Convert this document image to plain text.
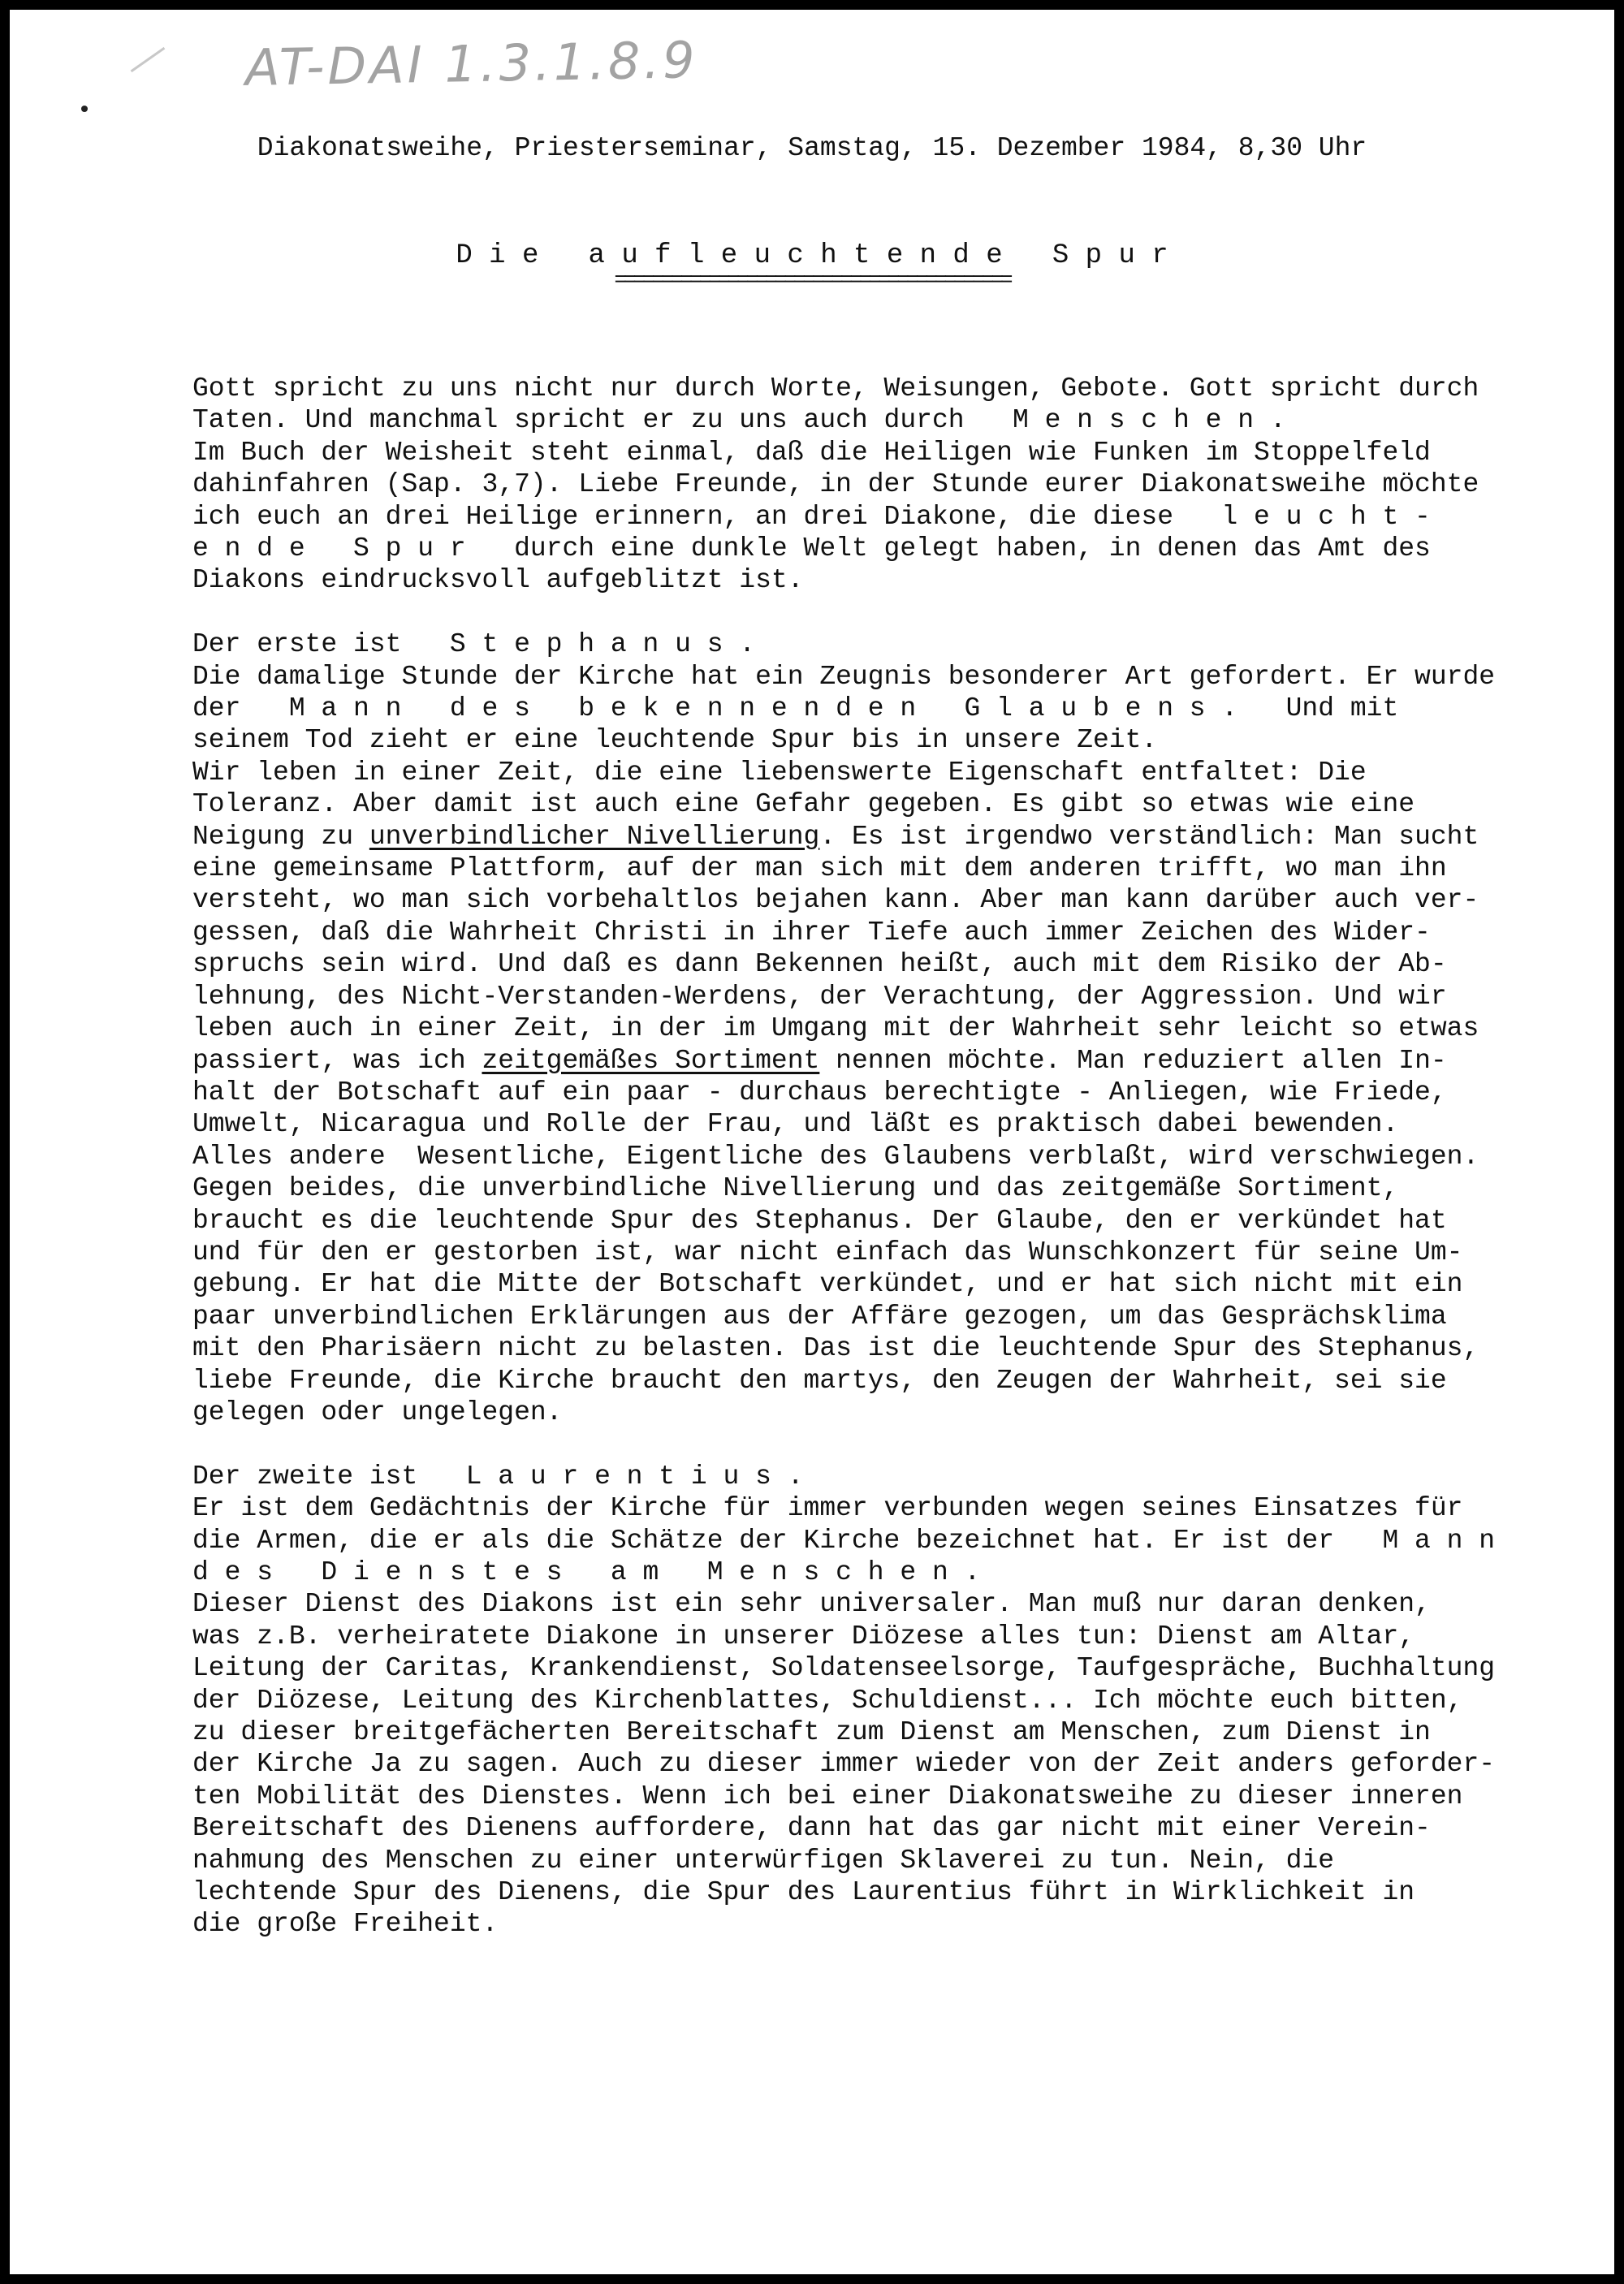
AT-DAI 1.3.1.8.9
Diakonatsweihe, Priesterseminar, Samstag, 15. Dezember 1984, 8,30 Uhr
D i e   a u f l e u c h t e n d e   S p u r
==========================================

Gott spricht zu uns nicht nur durch Worte, Weisungen, Gebote. Gott spricht durch

Taten. Und manchmal spricht er zu uns auch durch   M e n s c h e n .

Im Buch der Weisheit steht einmal, daß die Heiligen wie Funken im Stoppelfeld

dahinfahren (Sap. 3,7). Liebe Freunde, in der Stunde eurer Diakonatsweihe möchte

ich euch an drei Heilige erinnern, an drei Diakone, die diese   l e u c h t -

e n d e   S p u r   durch eine dunkle Welt gelegt haben, in denen das Amt des

Diakons eindrucksvoll aufgeblitzt ist.

Der erste ist   S t e p h a n u s .

Die damalige Stunde der Kirche hat ein Zeugnis besonderer Art gefordert. Er wurde

der   M a n n   d e s   b e k e n n e n d e n   G l a u b e n s .   Und mit

seinem Tod zieht er eine leuchtende Spur bis in unsere Zeit.

Wir leben in einer Zeit, die eine liebenswerte Eigenschaft entfaltet: Die

Toleranz. Aber damit ist auch eine Gefahr gegeben. Es gibt so etwas wie eine

Neigung zu unverbindlicher Nivellierung. Es ist irgendwo verständlich: Man sucht

eine gemeinsame Plattform, auf der man sich mit dem anderen trifft, wo man ihn

versteht, wo man sich vorbehaltlos bejahen kann. Aber man kann darüber auch ver-

gessen, daß die Wahrheit Christi in ihrer Tiefe auch immer Zeichen des Wider-

spruchs sein wird. Und daß es dann Bekennen heißt, auch mit dem Risiko der Ab-

lehnung, des Nicht-Verstanden-Werdens, der Verachtung, der Aggression. Und wir

leben auch in einer Zeit, in der im Umgang mit der Wahrheit sehr leicht so etwas

passiert, was ich zeitgemäßes Sortiment nennen möchte. Man reduziert allen In-

halt der Botschaft auf ein paar - durchaus berechtigte - Anliegen, wie Friede,

Umwelt, Nicaragua und Rolle der Frau, und läßt es praktisch dabei bewenden.

Alles andere  Wesentliche, Eigentliche des Glaubens verblaßt, wird verschwiegen.

Gegen beides, die unverbindliche Nivellierung und das zeitgemäße Sortiment,

braucht es die leuchtende Spur des Stephanus. Der Glaube, den er verkündet hat

und für den er gestorben ist, war nicht einfach das Wunschkonzert für seine Um-

gebung. Er hat die Mitte der Botschaft verkündet, und er hat sich nicht mit ein

paar unverbindlichen Erklärungen aus der Affäre gezogen, um das Gesprächsklima

mit den Pharisäern nicht zu belasten. Das ist die leuchtende Spur des Stephanus,

liebe Freunde, die Kirche braucht den martys, den Zeugen der Wahrheit, sei sie

gelegen oder ungelegen.

Der zweite ist   L a u r e n t i u s .

Er ist dem Gedächtnis der Kirche für immer verbunden wegen seines Einsatzes für

die Armen, die er als die Schätze der Kirche bezeichnet hat. Er ist der   M a n n

d e s   D i e n s t e s   a m   M e n s c h e n .

Dieser Dienst des Diakons ist ein sehr universaler. Man muß nur daran denken,

was z.B. verheiratete Diakone in unserer Diözese alles tun: Dienst am Altar,

Leitung der Caritas, Krankendienst, Soldatenseelsorge, Taufgespräche, Buchhaltung

der Diözese, Leitung des Kirchenblattes, Schuldienst... Ich möchte euch bitten,

zu dieser breitgefächerten Bereitschaft zum Dienst am Menschen, zum Dienst in

der Kirche Ja zu sagen. Auch zu dieser immer wieder von der Zeit anders geforder-

ten Mobilität des Dienstes. Wenn ich bei einer Diakonatsweihe zu dieser inneren

Bereitschaft des Dienens auffordere, dann hat das gar nicht mit einer Verein-

nahmung des Menschen zu einer unterwürfigen Sklaverei zu tun. Nein, die

lechtende Spur des Dienens, die Spur des Laurentius führt in Wirklichkeit in

die große Freiheit.
